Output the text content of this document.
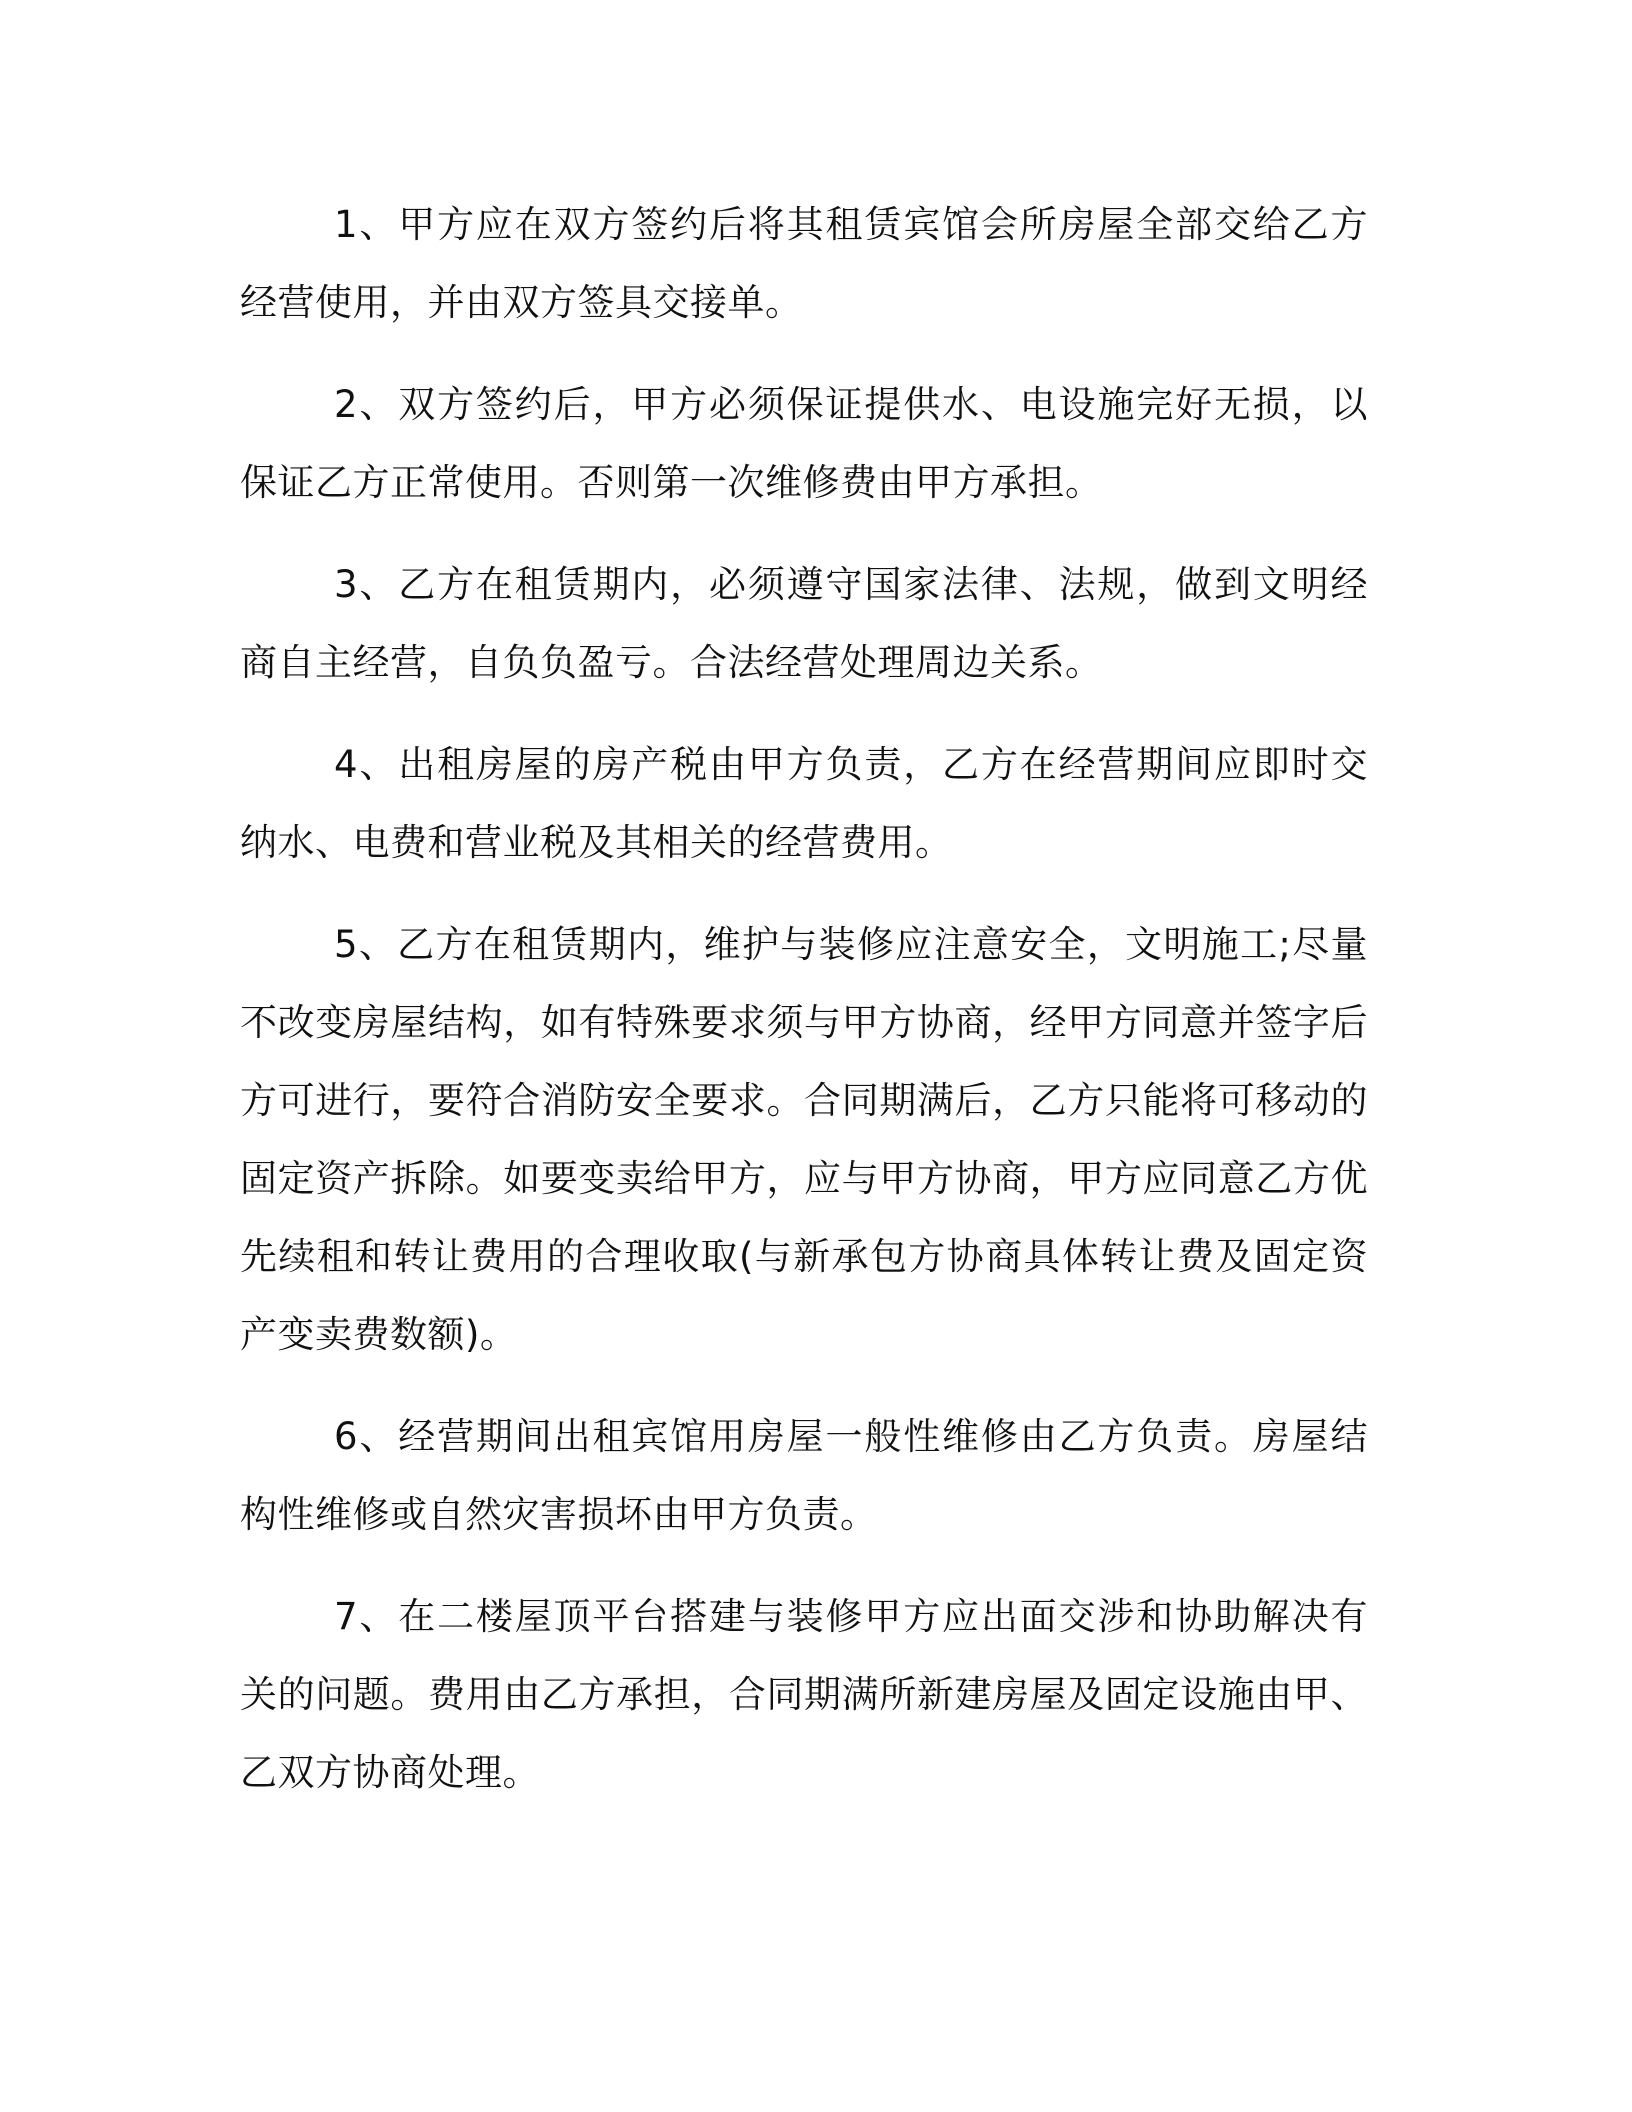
1、甲方应在双方签约后将其租赁宾馆会所房屋全部交给乙方经营使用，并由双方签具交接单。

2、双方签约后，甲方必须保证提供水、电设施完好无损，以保证乙方正常使用。否则第一次维修费由甲方承担。

3、乙方在租赁期内，必须遵守国家法律、法规，做到文明经商自主经营，自负负盈亏。合法经营处理周边关系。

4、出租房屋的房产税由甲方负责，乙方在经营期间应即时交纳水、电费和营业税及其相关的经营费用。

5、乙方在租赁期内，维护与装修应注意安全，文明施工;尽量不改变房屋结构，如有特殊要求须与甲方协商，经甲方同意并签字后方可进行，要符合消防安全要求。合同期满后，乙方只能将可移动的固定资产拆除。如要变卖给甲方，应与甲方协商，甲方应同意乙方优先续租和转让费用的合理收取(与新承包方协商具体转让费及固定资产变卖费数额)。

6、经营期间出租宾馆用房屋一般性维修由乙方负责。房屋结构性维修或自然灾害损坏由甲方负责。

7、在二楼屋顶平台搭建与装修甲方应出面交涉和协助解决有关的问题。费用由乙方承担，合同期满所新建房屋及固定设施由甲、乙双方协商处理。
